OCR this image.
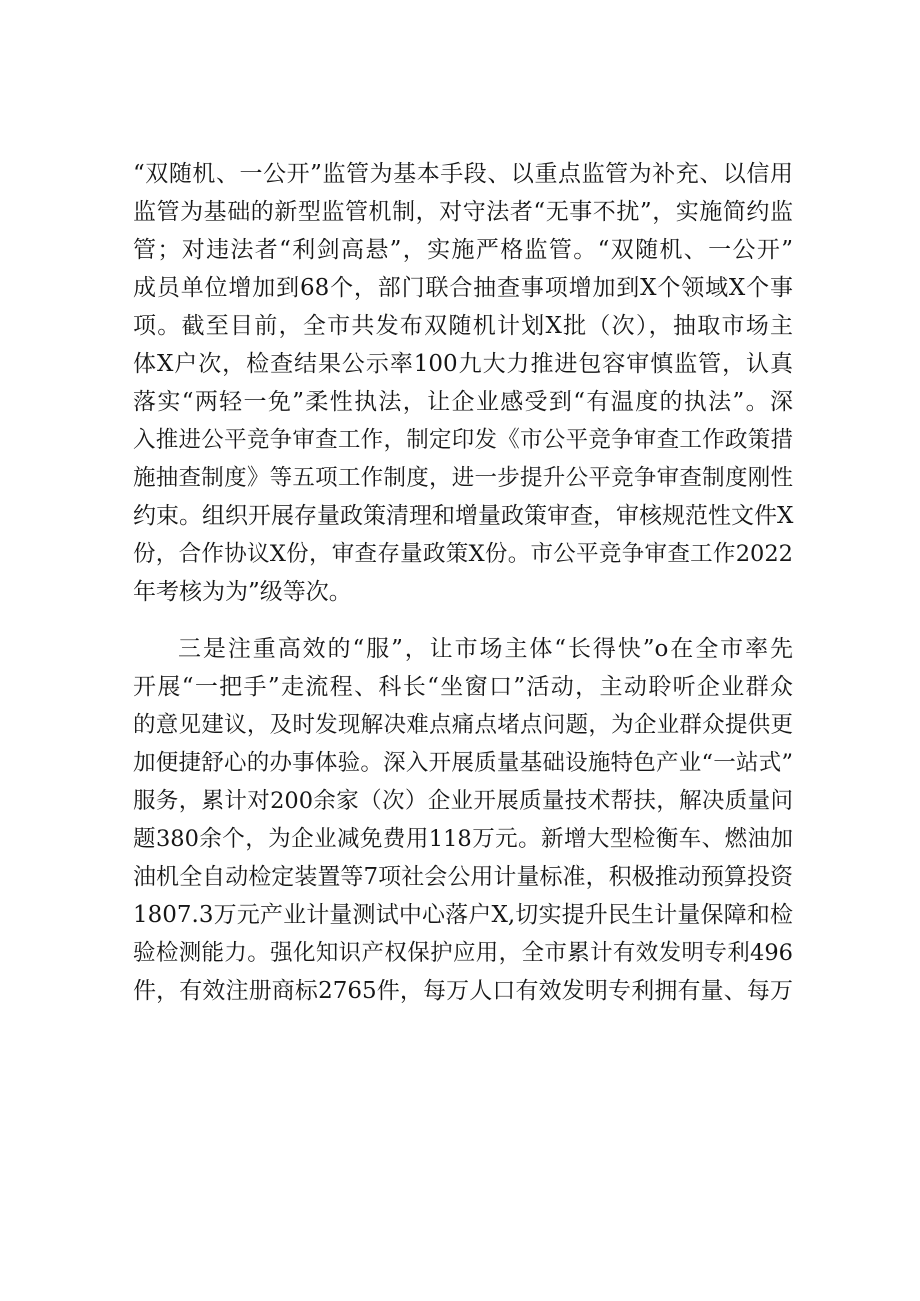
“双随机、一公开”监管为基本手段、以重点监管为补充、以信用
监管为基础的新型监管机制，对守法者“无事不扰”，实施简约监
管；对违法者“利剑高悬”，实施严格监管。“双随机、一公开”
成员单位增加到68个，部门联合抽查事项增加到X个领域X个事
项。截至目前，全市共发布双随机计划X批（次），抽取市场主
体X户次，检查结果公示率100九大力推进包容审慎监管，认真
落实“两轻一免”柔性执法，让企业感受到“有温度的执法”。深
入推进公平竞争审查工作，制定印发《市公平竞争审查工作政策措
施抽查制度》等五项工作制度，进一步提升公平竞争审查制度刚性
约束。组织开展存量政策清理和增量政策审查，审核规范性文件X
份，合作协议X份，审查存量政策X份。市公平竞争审查工作2022
年考核为为”级等次。
三是注重高效的“服”，让市场主体“长得快”o在全市率先
开展“一把手”走流程、科长“坐窗口”活动，主动聆听企业群众
的意见建议，及时发现解决难点痛点堵点问题，为企业群众提供更
加便捷舒心的办事体验。深入开展质量基础设施特色产业“一站式”
服务，累计对200余家（次）企业开展质量技术帮扶，解决质量问
题380余个，为企业减免费用118万元。新增大型检衡车、燃油加
油机全自动检定装置等7项社会公用计量标准，积极推动预算投资
1807.3万元产业计量测试中心落户X,切实提升民生计量保障和检
验检测能力。强化知识产权保护应用，全市累计有效发明专利496
件，有效注册商标2765件，每万人口有效发明专利拥有量、每万
